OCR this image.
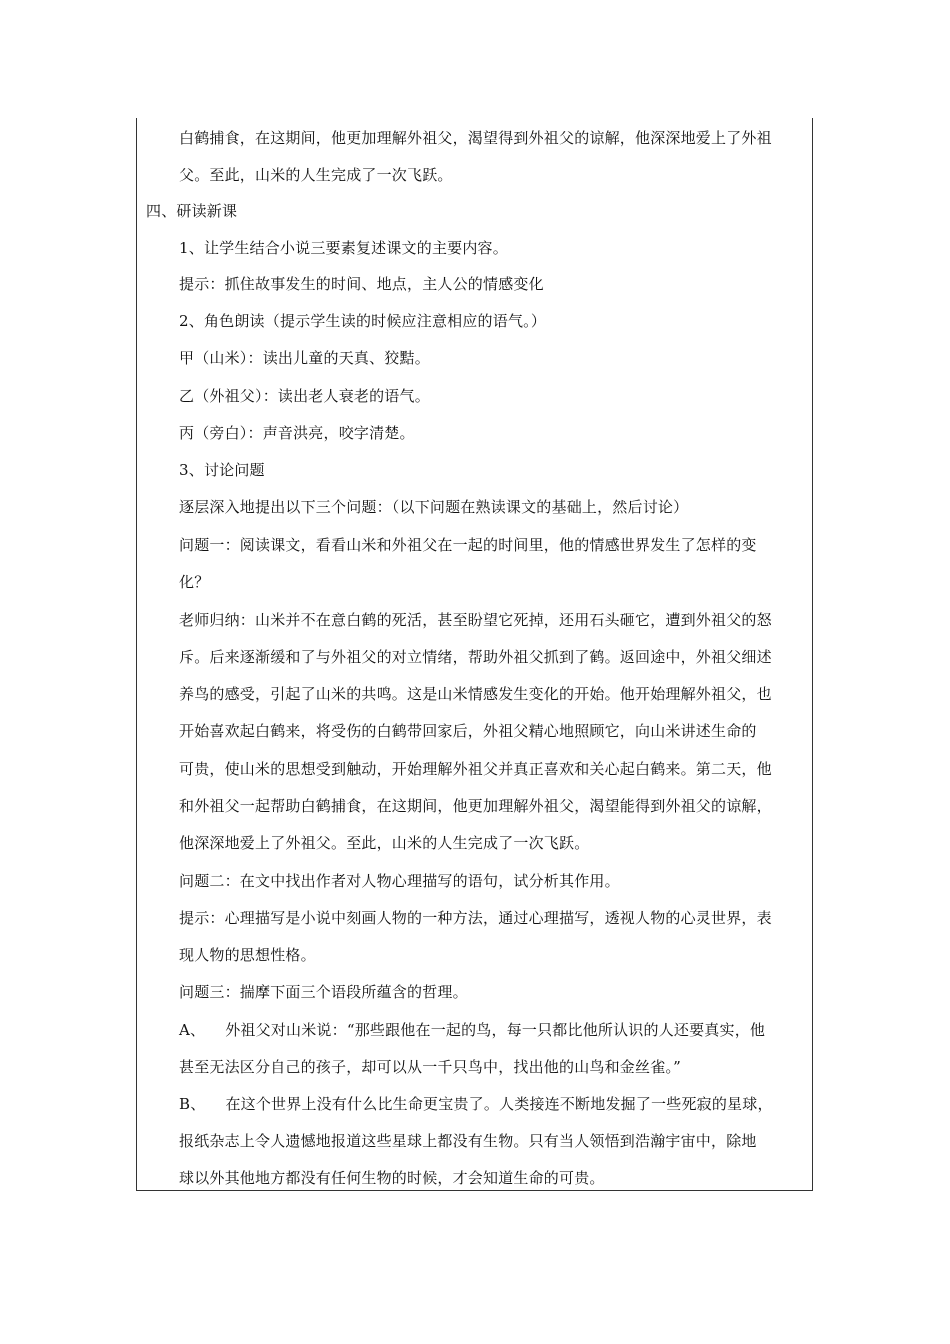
白鹤捕食，在这期间，他更加理解外祖父，渴望得到外祖父的谅解，他深深地爱上了外祖
父。至此，山米的人生完成了一次飞跃。
四、研读新课
1、让学生结合小说三要素复述课文的主要内容。
提示：抓住故事发生的时间、地点，主人公的情感变化
2、角色朗读（提示学生读的时候应注意相应的语气。）
甲（山米）：读出儿童的天真、狡黠。
乙（外祖父）：读出老人衰老的语气。
丙（旁白）：声音洪亮，咬字清楚。
3、讨论问题
逐层深入地提出以下三个问题：（以下问题在熟读课文的基础上，然后讨论）
问题一：阅读课文，看看山米和外祖父在一起的时间里，他的情感世界发生了怎样的变
化？
老师归纳：山米并不在意白鹤的死活，甚至盼望它死掉，还用石头砸它，遭到外祖父的怒
斥。后来逐渐缓和了与外祖父的对立情绪，帮助外祖父抓到了鹤。返回途中，外祖父细述
养鸟的感受，引起了山米的共鸣。这是山米情感发生变化的开始。他开始理解外祖父，也
开始喜欢起白鹤来，将受伤的白鹤带回家后，外祖父精心地照顾它，向山米讲述生命的
可贵，使山米的思想受到触动，开始理解外祖父并真正喜欢和关心起白鹤来。第二天，他
和外祖父一起帮助白鹤捕食，在这期间，他更加理解外祖父，渴望能得到外祖父的谅解，
他深深地爱上了外祖父。至此，山米的人生完成了一次飞跃。
问题二：在文中找出作者对人物心理描写的语句，试分析其作用。
提示：心理描写是小说中刻画人物的一种方法，通过心理描写，透视人物的心灵世界，表
现人物的思想性格。
问题三：揣摩下面三个语段所蕴含的哲理。
A、 外祖父对山米说：“那些跟他在一起的鸟，每一只都比他所认识的人还要真实，他
甚至无法区分自己的孩子，却可以从一千只鸟中，找出他的山鸟和金丝雀。”
B、 在这个世界上没有什么比生命更宝贵了。人类接连不断地发掘了一些死寂的星球，
报纸杂志上令人遗憾地报道这些星球上都没有生物。只有当人领悟到浩瀚宇宙中，除地
球以外其他地方都没有任何生物的时候，才会知道生命的可贵。
